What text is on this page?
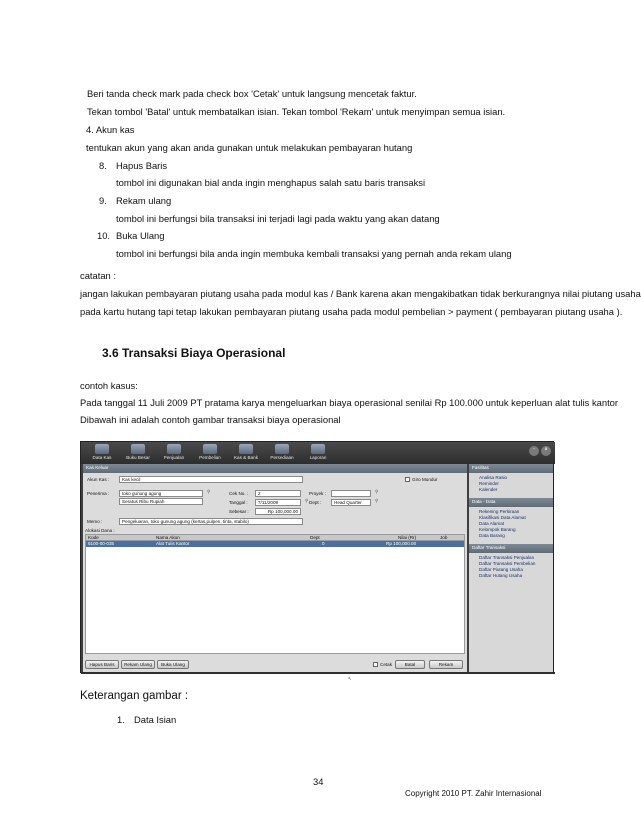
Beri tanda check mark pada check box 'Cetak' untuk langsung mencetak faktur.
Tekan tombol 'Batal' untuk membatalkan isian. Tekan tombol 'Rekam' untuk menyimpan semua isian.
4. Akun kas
tentukan akun yang akan anda gunakan untuk melakukan pembayaran hutang
8. Hapus Baris
tombol ini digunakan bial anda ingin menghapus salah satu baris transaksi
9. Rekam ulang
tombol ini berfungsi bila transaksi ini terjadi lagi pada waktu yang akan datang
10. Buka Ulang
tombol ini berfungsi bila anda ingin membuka kembali transaksi yang pernah anda rekam ulang
catatan :
jangan lakukan pembayaran piutang usaha pada modul kas / Bank karena akan mengakibatkan tidak berkurangnya nilai piutang usaha
pada kartu hutang tapi tetap lakukan pembayaran piutang usaha pada modul pembelian > payment ( pembayaran piutang usaha ).
3.6 Transaksi Biaya Operasional
contoh kasus:
Pada tanggal 11 Juli 2009 PT pratama karya mengeluarkan biaya operasional senilai Rp 100.000 untuk keperluan alat tulis kantor
Dibawah ini adalah contoh gambar transaksi biaya operasional
Data Kas	Buku Besar	Penjualan	Pembelian	Kas & Bank	Persediaan	Laporan
-	x
Kas Keluar
Akun Kas :	Kas kecil	Giro Mundur
Penerima :	toko gunung agung	⚲
Seratus Ribu Rupiah
Cek No. :	2
Tanggal :	7/11/2009	⚲
Sebesar :	Rp 100,000.00
Proyek :	⚲
Dept :	Head Quarter	⚲
Memo :	Pengeluaran, toko gunung agung (kertas,pulpen, tinta, stabilo)
Alokasi Dana :
Kode	Nama Akun	Dept	Nilai (Rr)	Job
6100-00-035	Alat Tulis Kantor	0	Rp 100,000.00
↖
Hapus Baris	Rekam Ulang	Buka Ulang	Cetak	Batal	Rekam
Fasilitas
Analisa Rasio
Reminder
Kalender
Data - Data
Rekening Perkiraan
Klasifikasi Data Alamat
Data Alamat
Kelompok Barang
Data Barang
Daftar Transaksi
Daftar Transaksi Penjualan
Daftar Transaksi Pembelian
Daftar Piutang Usaha
Daftar Hutang Usaha
Keterangan gambar :
1. Data Isian
34
Copyright 2010 PT. Zahir Internasional
